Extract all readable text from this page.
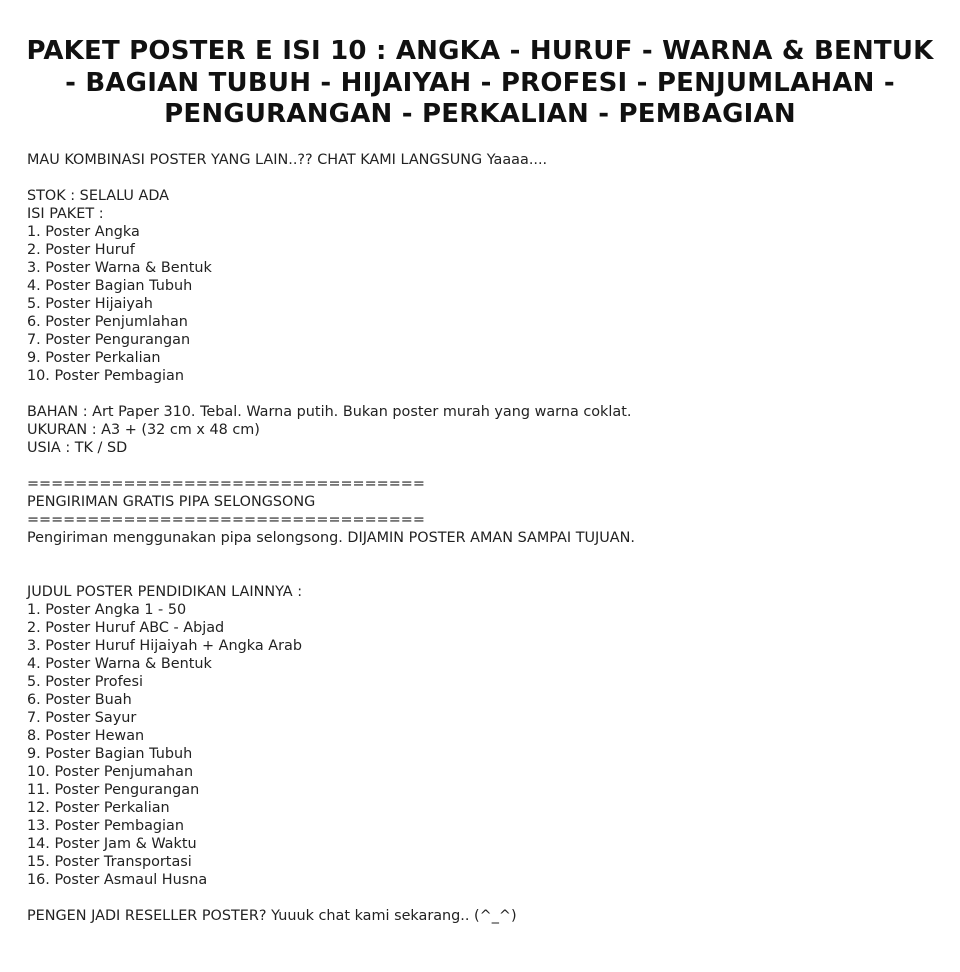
PAKET POSTER E ISI 10 : ANGKA - HURUF - WARNA & BENTUK - BAGIAN TUBUH - HIJAIYAH - PROFESI - PENJUMLAHAN - PENGURANGAN - PERKALIAN - PEMBAGIAN
MAU KOMBINASI POSTER YANG LAIN..?? CHAT KAMI LANGSUNG Yaaaa....
STOK : SELALU ADA
ISI PAKET :
1. Poster Angka
2. Poster Huruf
3. Poster Warna & Bentuk
4. Poster Bagian Tubuh
5. Poster Hijaiyah
6. Poster Penjumlahan
7. Poster Pengurangan
9. Poster Perkalian
10. Poster Pembagian
BAHAN : Art Paper 310. Tebal. Warna putih. Bukan poster murah yang warna coklat.
UKURAN : A3 + (32 cm x 48 cm)
USIA : TK / SD
=================================
PENGIRIMAN GRATIS PIPA SELONGSONG
=================================
Pengiriman menggunakan pipa selongsong. DIJAMIN POSTER AMAN SAMPAI TUJUAN.
JUDUL POSTER PENDIDIKAN LAINNYA :
1. Poster Angka 1 - 50
2. Poster Huruf ABC - Abjad
3. Poster Huruf Hijaiyah + Angka Arab
4. Poster Warna & Bentuk
5. Poster Profesi
6. Poster Buah
7. Poster Sayur
8. Poster Hewan
9. Poster Bagian Tubuh
10. Poster Penjumahan
11. Poster Pengurangan
12. Poster Perkalian
13. Poster Pembagian
14. Poster Jam & Waktu
15. Poster Transportasi
16. Poster Asmaul Husna
PENGEN JADI RESELLER POSTER? Yuuuk chat kami sekarang.. (^_^)
